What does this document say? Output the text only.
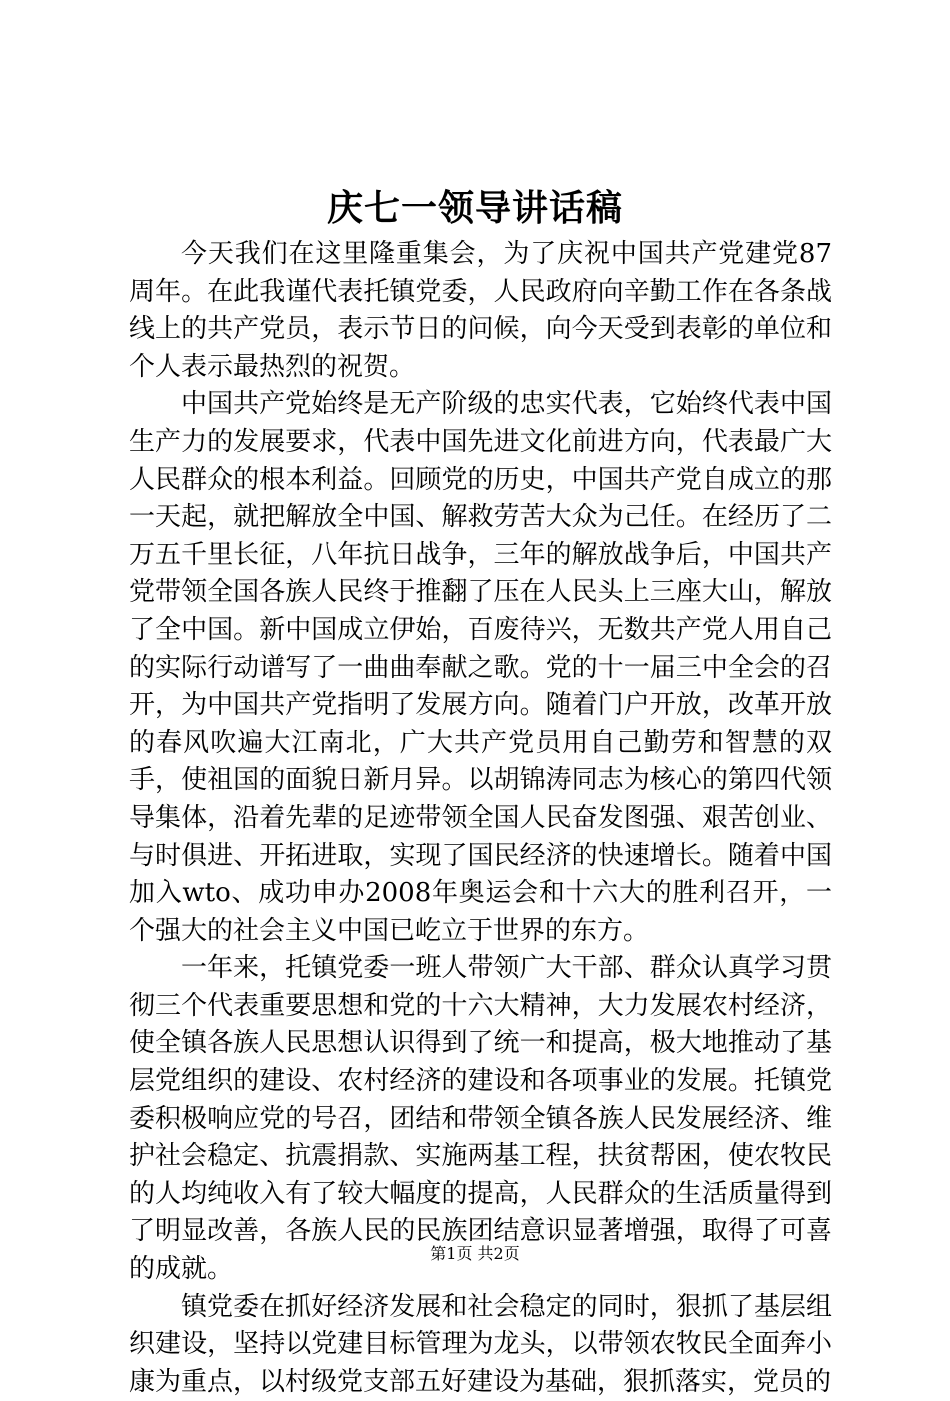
庆七一领导讲话稿

今天我们在这里隆重集会，为了庆祝中国共产党建党87周年。在此我谨代表托镇党委，人民政府向辛勤工作在各条战线上的共产党员，表示节日的问候，向今天受到表彰的单位和个人表示最热烈的祝贺。

中国共产党始终是无产阶级的忠实代表，它始终代表中国生产力的发展要求，代表中国先进文化前进方向，代表最广大人民群众的根本利益。回顾党的历史，中国共产党自成立的那一天起，就把解放全中国、解救劳苦大众为己任。在经历了二万五千里长征，八年抗日战争，三年的解放战争后，中国共产党带领全国各族人民终于推翻了压在人民头上三座大山，解放了全中国。新中国成立伊始，百废待兴，无数共产党人用自己的实际行动谱写了一曲曲奉献之歌。党的十一届三中全会的召开，为中国共产党指明了发展方向。随着门户开放，改革开放的春风吹遍大江南北，广大共产党员用自己勤劳和智慧的双手，使祖国的面貌日新月异。以胡锦涛同志为核心的第四代领导集体，沿着先辈的足迹带领全国人民奋发图强、艰苦创业、与时俱进、开拓进取，实现了国民经济的快速增长。随着中国加入wto、成功申办2008年奥运会和十六大的胜利召开，一个强大的社会主义中国已屹立于世界的东方。

一年来，托镇党委一班人带领广大干部、群众认真学习贯彻三个代表重要思想和党的十六大精神，大力发展农村经济，使全镇各族人民思想认识得到了统一和提高，极大地推动了基层党组织的建设、农村经济的建设和各项事业的发展。托镇党委积极响应党的号召，团结和带领全镇各族人民发展经济、维护社会稳定、抗震捐款、实施两基工程，扶贫帮困，使农牧民的人均纯收入有了较大幅度的提高，人民群众的生活质量得到了明显改善，各族人民的民族团结意识显著增强，取得了可喜的成就。

镇党委在抓好经济发展和社会稳定的同时，狠抓了基层组织建设，坚持以党建目标管理为龙头，以带领农牧民全面奔小康为重点，以村级党支部五好建设为基础，狠抓落实，党员的

第1页 共2页
